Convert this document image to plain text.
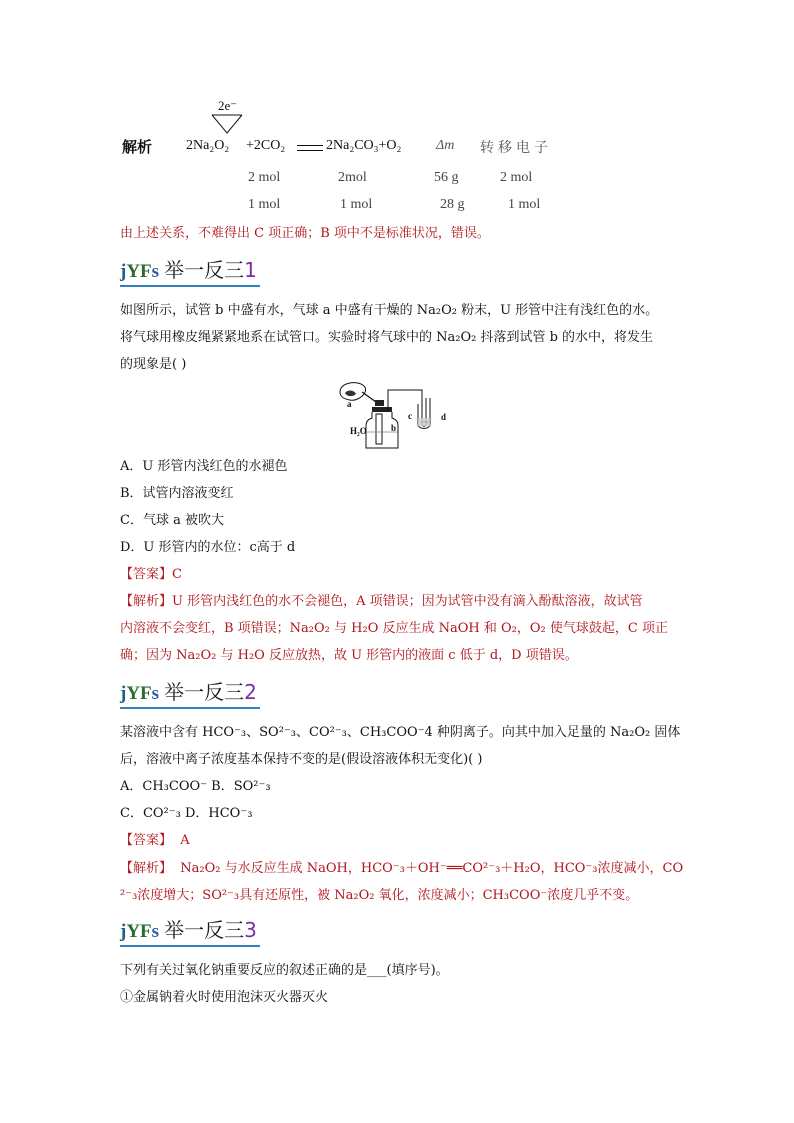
2e⁻
解析 2Na₂O₂ +2CO₂	2Na₂CO₃+O₂ Δm 转移电子
2 mol	2mol	56 g	2 mol
1 mol	1 mol	28 g	1 mol
由上述关系，不难得出 C 项正确；B 项中不是标准状况，错误。
jYFs 举一反三1
如图所示，试管 b 中盛有水，气球 a 中盛有干燥的 Na₂O₂ 粉末，U 形管中注有浅红色的水。
将气球用橡皮绳紧紧地系在试管口。实验时将气球中的 Na₂O₂ 抖落到试管 b 的水中，将发生
的现象是( )
a
b
c	d
H₂O
A．U 形管内浅红色的水褪色
B．试管内溶液变红
C．气球 a 被吹大
D．U 形管内的水位：c高于 d
【答案】C
【解析】U 形管内浅红色的水不会褪色，A 项错误；因为试管中没有滴入酚酞溶液，故试管
内溶液不会变红，B 项错误；Na₂O₂ 与 H₂O 反应生成 NaOH 和 O₂，O₂ 使气球鼓起，C 项正
确；因为 Na₂O₂ 与 H₂O 反应放热，故 U 形管内的液面 c 低于 d，D 项错误。
jYFs 举一反三2
某溶液中含有 HCO⁻₃、SO²⁻₃、CO²⁻₃、CH₃COO⁻4 种阴离子。向其中加入足量的 Na₂O₂ 固体
后，溶液中离子浓度基本保持不变的是(假设溶液体积无变化)( )
A．CH₃COO⁻ B．SO²⁻₃
C．CO²⁻₃ D．HCO⁻₃
【答案】 A
【解析】 Na₂O₂ 与水反应生成 NaOH，HCO⁻₃＋OH⁻══CO²⁻₃＋H₂O，HCO⁻₃浓度减小，CO
²⁻₃浓度增大；SO²⁻₃具有还原性，被 Na₂O₂ 氧化，浓度减小；CH₃COO⁻浓度几乎不变。
jYFs 举一反三3
下列有关过氧化钠重要反应的叙述正确的是___(填序号)。
①金属钠着火时使用泡沫灭火器灭火
